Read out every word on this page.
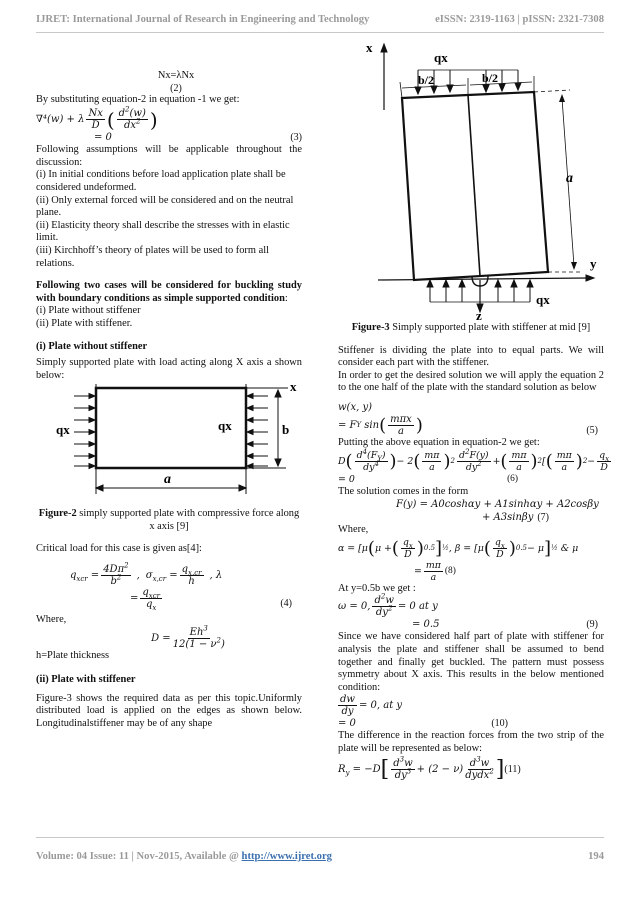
IJRET: International Journal of Research in Engineering and Technology	eISSN: 2319-1163 | pISSN: 2321-7308
Nx=λNx
(2)

By substituting equation-2 in equation -1 we get:

∇⁴(w) + λ $\frac{Nx}{D}$ ( $\frac{d^2(w)}{dx^2}$ )
= 0	(3)

Following assumptions will be applicable throughout the discussion:

(i) In initial conditions before load application plate shall be considered undeformed.

(ii) Only external forced will be considered and on the neutral plane.

(ii) Elasticity theory shall describe the stresses with in elastic limit.

(iii) Kirchhoff’s theory of plates will be used to form all relations.

Following two cases will be considered for buckling study with boundary conditions as simple supported condition:

(i) Plate without stiffener

(ii) Plate with stiffener.

(i) Plate without stiffener

Simply supported plate with load acting along X axis a shown below:

qx	qx
x
b
a

Figure-2 simply supported plate with compressive force along x axis [9]

Critical load for this case is given as[4]:

$q_{xcr} = \frac{4D\pi^2}{b^2}$ , $\sigma_{x,cr} = \frac{q_{x,cr}}{h}$ , λ
= $\frac{q_{xcr}}{q_x}$	(4)

Where,

$D = \frac{Eh^3}{12(1 - \nu^2)}$

h=Plate thickness

(ii) Plate with stiffener

Figure-3 shows the required data as per this topic.Uniformly distributed load is applied on the edges as shown below. Longitudinalstiffener may be of any shape

x
qx
b/2	b/2
a
y
qx
z

Figure-3 Simply supported plate with stiffener at mid [9]

Stiffener is dividing the plate into to equal parts. We will consider each part with the stiffener.

In order to get the desired solution we will apply the equation 2 to the one half of the plate with the standard solution as below

w(x, y)
= F Y sin ( $\frac{\text{mπx}}{a}$ )	(5)

Putting the above equation in equation-2 we get:

D ( $\frac{d^4(F_Y)}{dy^4}$ ) − 2 ( $\frac{m\pi}{a}$ ) $2 \frac{d^2F(y)}{dy^2}$ + ( $\frac{m\pi}{a}$ ) 2 [ ( $\frac{m\pi}{a}$ ) $2 - \frac{q_x}{D}$
= 0	(6)

The solution comes in the form

F(y) = A0coshαy + A1sinhαy + A2cosβy
+ A3sinβy (7)

Where,

α = [μ ( μ + ( $\frac{q_x}{D}$ ) 0.5 ] ½ , β = [μ ( $\frac{q_x}{D}$ ) 0.5 − μ ] ½ & μ
= $\frac{m\pi}{a} (8)$

At y=0.5b we get :

ω = 0, $\frac{d^2w}{dy^2} = 0$ at y
= 0.5	(9)

Since we have considered half part of plate with stiffener for analysis the plate and stiffener shall be assumed to bend together and finally get buckled. The pattern must possess symmetry about X axis. This results in the below mentioned condition:

$\frac{dw}{dy} = 0$, at y
= 0	(10)

The difference in the reaction forces from the two strip of the plate will be represented as below:

$R_y = -D$ [ $\frac{d^3w}{dy^3} + (2 - \nu) \frac{d^3w}{dydx^2}$ ] (11)
Volume: 04 Issue: 11 | Nov-2015, Available @ http://www.ijret.org	194
